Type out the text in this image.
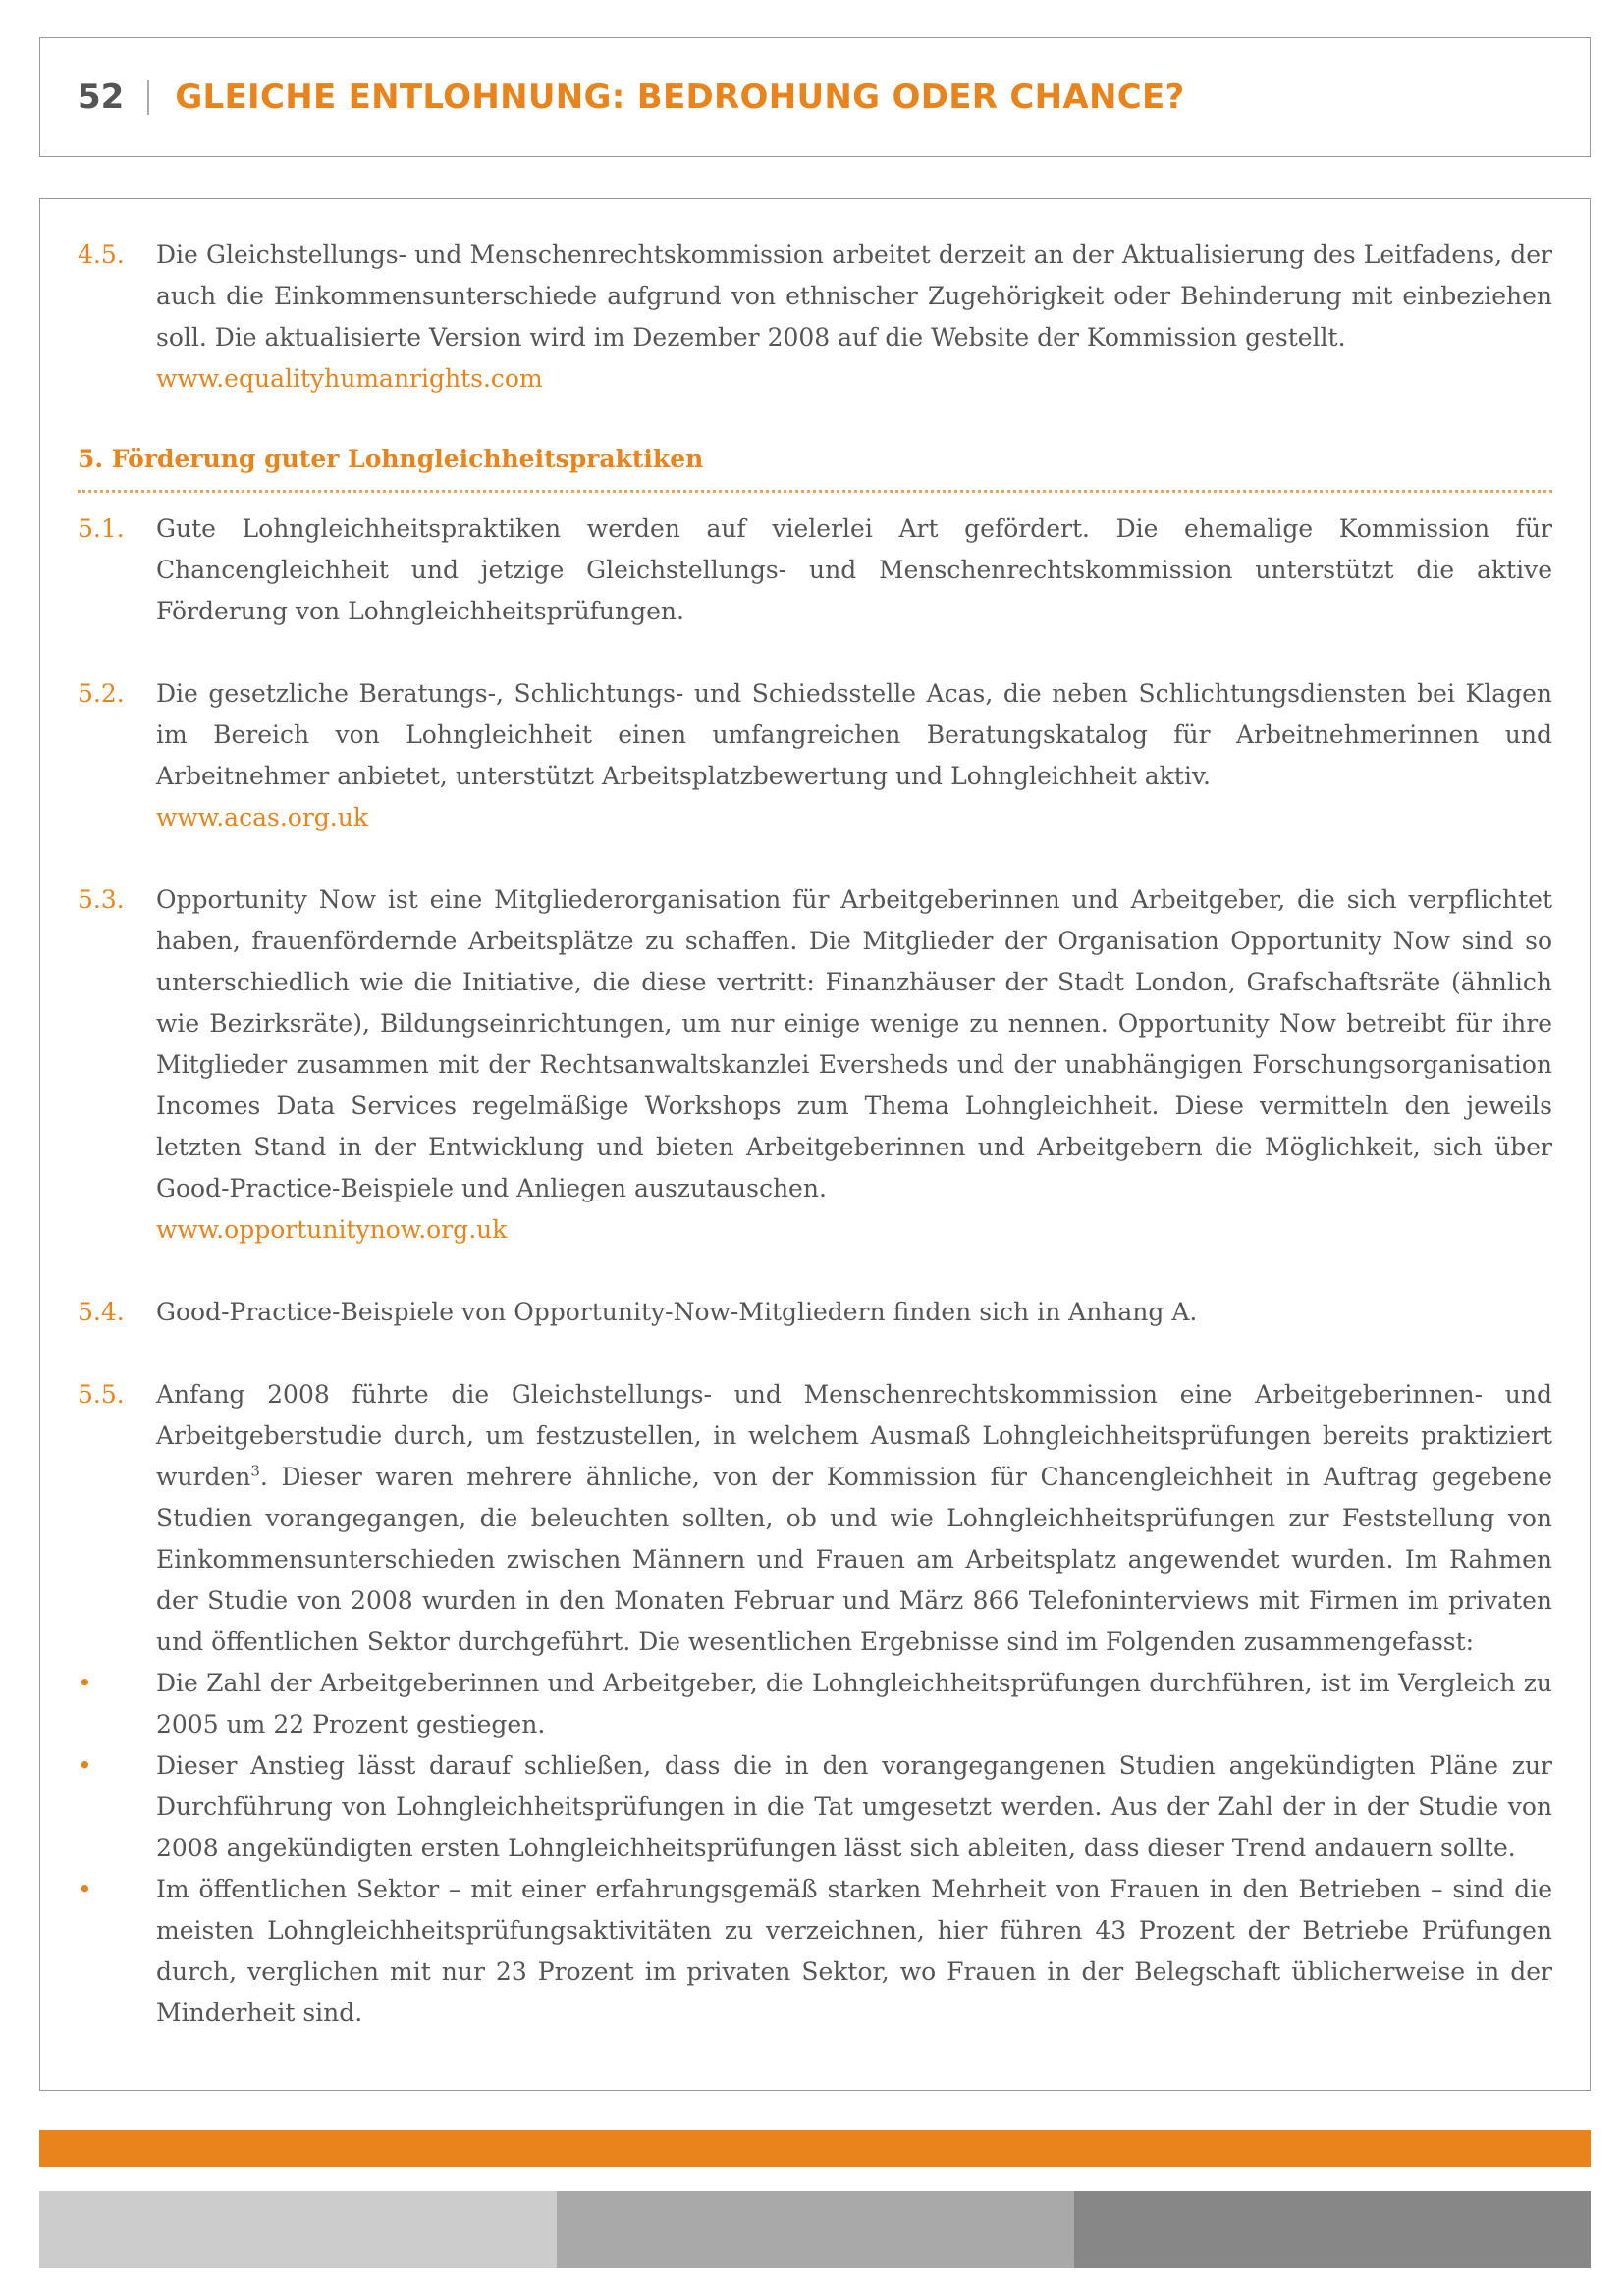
52 GLEICHE ENTLOHNUNG: BEDROHUNG ODER CHANCE?
4.5.	Die Gleichstellungs- und Menschenrechtskommission arbeitet derzeit an der Aktualisierung des Leitfadens, der auch die Einkommensunterschiede aufgrund von ethnischer Zugehörigkeit oder Behinderung mit einbeziehen soll. Die aktualisierte Version wird im Dezember 2008 auf die Website der Kommission gestellt.
www.equalityhumanrights.com
5. Förderung guter Lohngleichheitspraktiken
5.1.	Gute Lohngleichheitspraktiken werden auf vielerlei Art gefördert. Die ehemalige Kommission für Chancengleichheit und jetzige Gleichstellungs- und Menschenrechtskommission unterstützt die aktive Förderung von Lohngleichheitsprüfungen.
5.2.	Die gesetzliche Beratungs-, Schlichtungs- und Schiedsstelle Acas, die neben Schlichtungsdiensten bei Klagen im Bereich von Lohngleichheit einen umfangreichen Beratungskatalog für Arbeitnehmerinnen und Arbeitnehmer anbietet, unterstützt Arbeitsplatzbewertung und Lohngleichheit aktiv.
www.acas.org.uk
5.3.	Opportunity Now ist eine Mitgliederorganisation für Arbeitgeberinnen und Arbeitgeber, die sich verpflichtet haben, frauenfördernde Arbeitsplätze zu schaffen. Die Mitglieder der Organisation Opportunity Now sind so unterschiedlich wie die Initiative, die diese vertritt: Finanzhäuser der Stadt London, Grafschaftsräte (ähnlich wie Bezirksräte), Bildungseinrichtungen, um nur einige wenige zu nennen. Opportunity Now betreibt für ihre Mitglieder zusammen mit der Rechtsanwaltskanzlei Eversheds und der unabhängigen Forschungsorganisation Incomes Data Services regelmäßige Workshops zum Thema Lohngleichheit. Diese vermitteln den jeweils letzten Stand in der Entwicklung und bieten Arbeitgeberinnen und Arbeitgebern die Möglichkeit, sich über Good-Practice-Beispiele und Anliegen auszutauschen.
www.opportunitynow.org.uk
5.4.	Good-Practice-Beispiele von Opportunity-Now-Mitgliedern finden sich in Anhang A.
5.5.	Anfang 2008 führte die Gleichstellungs- und Menschenrechtskommission eine Arbeitgeberinnen- und Arbeitgeberstudie durch, um festzustellen, in welchem Ausmaß Lohngleichheitsprüfungen bereits praktiziert wurden$^3$. Dieser waren mehrere ähnliche, von der Kommission für Chancengleichheit in Auftrag gegebene Studien vorangegangen, die beleuchten sollten, ob und wie Lohngleichheitsprüfungen zur Feststellung von Einkommensunterschieden zwischen Männern und Frauen am Arbeitsplatz angewendet wurden. Im Rahmen der Studie von 2008 wurden in den Monaten Februar und März 866 Telefoninterviews mit Firmen im privaten und öffentlichen Sektor durchgeführt. Die wesentlichen Ergebnisse sind im Folgenden zusammengefasst:
•	Die Zahl der Arbeitgeberinnen und Arbeitgeber, die Lohngleichheitsprüfungen durchführen, ist im Vergleich zu 2005 um 22 Prozent gestiegen.
•	Dieser Anstieg lässt darauf schließen, dass die in den vorangegangenen Studien angekündigten Pläne zur Durchführung von Lohngleichheitsprüfungen in die Tat umgesetzt werden. Aus der Zahl der in der Studie von 2008 angekündigten ersten Lohngleichheitsprüfungen lässt sich ableiten, dass dieser Trend andauern sollte.
•	Im öffentlichen Sektor – mit einer erfahrungsgemäß starken Mehrheit von Frauen in den Betrieben – sind die meisten Lohngleichheitsprüfungsaktivitäten zu verzeichnen, hier führen 43 Prozent der Betriebe Prüfungen durch, verglichen mit nur 23 Prozent im privaten Sektor, wo Frauen in der Belegschaft üblicherweise in der Minderheit sind.
